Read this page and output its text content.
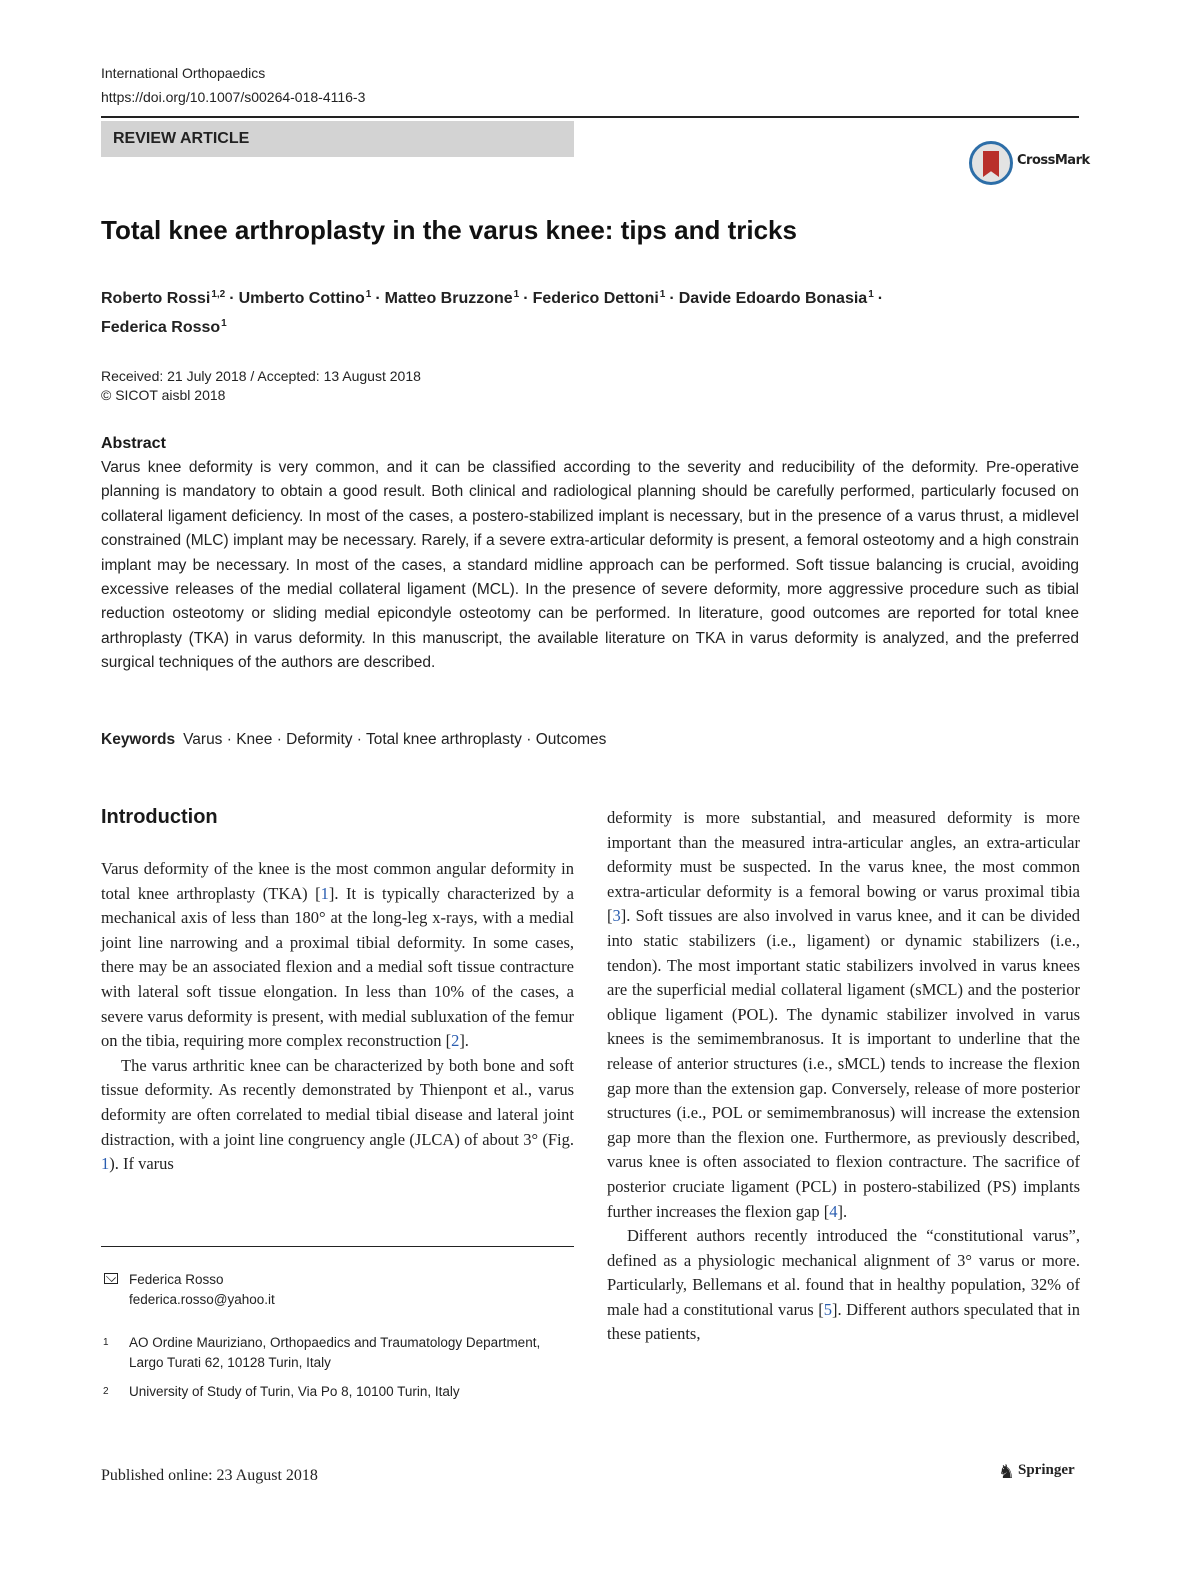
International Orthopaedics
https://doi.org/10.1007/s00264-018-4116-3
REVIEW ARTICLE
CrossMark
Total knee arthroplasty in the varus knee: tips and tricks
Roberto Rossi$^{1,2}$ · Umberto Cottino$^1$ · Matteo Bruzzone$^1$ · Federico Dettoni$^1$ · Davide Edoardo Bonasia$^1$ ·
Federica Rosso$^1$
Received: 21 July 2018 / Accepted: 13 August 2018
© SICOT aisbl 2018
Abstract
Varus knee deformity is very common, and it can be classified according to the severity and reducibility of the deformity. Pre-operative planning is mandatory to obtain a good result. Both clinical and radiological planning should be carefully performed, particularly focused on collateral ligament deficiency. In most of the cases, a postero-stabilized implant is necessary, but in the presence of a varus thrust, a midlevel constrained (MLC) implant may be necessary. Rarely, if a severe extra-articular deformity is present, a femoral osteotomy and a high constrain implant may be necessary. In most of the cases, a standard midline approach can be performed. Soft tissue balancing is crucial, avoiding excessive releases of the medial collateral ligament (MCL). In the presence of severe deformity, more aggressive procedure such as tibial reduction osteotomy or sliding medial epicondyle osteotomy can be performed. In literature, good outcomes are reported for total knee arthroplasty (TKA) in varus deformity. In this manuscript, the available literature on TKA in varus deformity is analyzed, and the preferred surgical techniques of the authors are described.
Keywords Varus · Knee · Deformity · Total knee arthroplasty · Outcomes
Introduction

Varus deformity of the knee is the most common angular deformity in total knee arthroplasty (TKA) [1]. It is typically characterized by a mechanical axis of less than 180° at the long-leg x-rays, with a medial joint line narrowing and a proximal tibial deformity. In some cases, there may be an associated flexion and a medial soft tissue contracture with lateral soft tissue elongation. In less than 10% of the cases, a severe varus deformity is present, with medial subluxation of the femur on the tibia, requiring more complex reconstruction [2].

The varus arthritic knee can be characterized by both bone and soft tissue deformity. As recently demonstrated by Thienpont et al., varus deformity are often correlated to medial tibial disease and lateral joint distraction, with a joint line congruency angle (JLCA) of about 3° (Fig. 1). If varus

deformity is more substantial, and measured deformity is more important than the measured intra-articular angles, an extra-articular deformity must be suspected. In the varus knee, the most common extra-articular deformity is a femoral bowing or varus proximal tibia [3]. Soft tissues are also involved in varus knee, and it can be divided into static stabilizers (i.e., ligament) or dynamic stabilizers (i.e., tendon). The most important static stabilizers involved in varus knees are the superficial medial collateral ligament (sMCL) and the posterior oblique ligament (POL). The dynamic stabilizer involved in varus knees is the semimembranosus. It is important to underline that the release of anterior structures (i.e., sMCL) tends to increase the flexion gap more than the extension gap. Conversely, release of more posterior structures (i.e., POL or semimembranosus) will increase the extension gap more than the flexion one. Furthermore, as previously described, varus knee is often associated to flexion contracture. The sacrifice of posterior cruciate ligament (PCL) in postero-stabilized (PS) implants further increases the flexion gap [4].

Different authors recently introduced the “constitutional varus”, defined as a physiologic mechanical alignment of 3° varus or more. Particularly, Bellemans et al. found that in healthy population, 32% of male had a constitutional varus [5]. Different authors speculated that in these patients,

Federica Rosso
federica.rosso@yahoo.it
1 AO Ordine Mauriziano, Orthopaedics and Traumatology Department, Largo Turati 62, 10128 Turin, Italy
2 University of Study of Turin, Via Po 8, 10100 Turin, Italy
Published online: 23 August 2018	♞ Springer
